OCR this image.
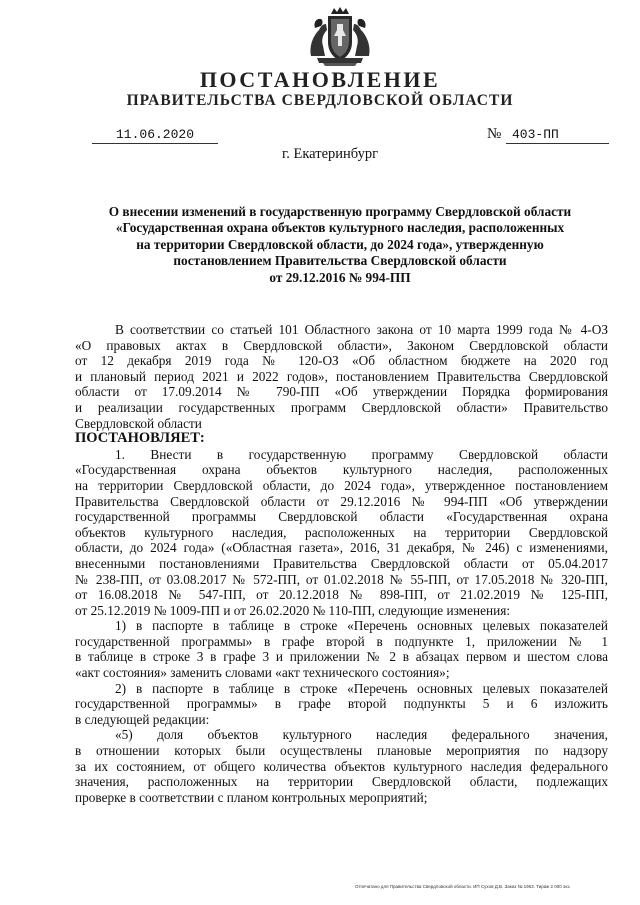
ПОСТАНОВЛЕНИЕ
ПРАВИТЕЛЬСТВА СВЕРДЛОВСКОЙ ОБЛАСТИ
11.06.2020	№ 403-ПП
г. Екатеринбург
О внесении изменений в государственную программу Свердловской области
«Государственная охрана объектов культурного наследия, расположенных
на территории Свердловской области, до 2024 года», утвержденную
постановлением Правительства Свердловской области
от 29.12.2016 № 994-ПП
В соответствии со статьей 101 Областного закона от 10 марта 1999 года № 4-ОЗ
«О правовых актах в Свердловской области», Законом Свердловской области
от 12 декабря 2019 года № 120-ОЗ «Об областном бюджете на 2020 год
и плановый период 2021 и 2022 годов», постановлением Правительства Свердловской
области от 17.09.2014 № 790-ПП «Об утверждении Порядка формирования
и реализации государственных программ Свердловской области» Правительство
Свердловской области
ПОСТАНОВЛЯЕТ:
1. Внести в государственную программу Свердловской области
«Государственная охрана объектов культурного наследия, расположенных
на территории Свердловской области, до 2024 года», утвержденное постановлением
Правительства Свердловской области от 29.12.2016 № 994-ПП «Об утверждении
государственной программы Свердловской области «Государственная охрана
объектов культурного наследия, расположенных на территории Свердловской
области, до 2024 года» («Областная газета», 2016, 31 декабря, № 246) с изменениями,
внесенными постановлениями Правительства Свердловской области от 05.04.2017
№ 238-ПП, от 03.08.2017 № 572-ПП, от 01.02.2018 № 55-ПП, от 17.05.2018 № 320-ПП,
от 16.08.2018 № 547-ПП, от 20.12.2018 № 898-ПП, от 21.02.2019 № 125-ПП,
от 25.12.2019 № 1009-ПП и от 26.02.2020 № 110-ПП, следующие изменения:
1) в паспорте в таблице в строке «Перечень основных целевых показателей
государственной программы» в графе второй в подпункте 1, приложении № 1
в таблице в строке 3 в графе 3 и приложении № 2 в абзацах первом и шестом слова
«акт состояния» заменить словами «акт технического состояния»;
2) в паспорте в таблице в строке «Перечень основных целевых показателей
государственной программы» в графе второй подпункты 5 и 6 изложить
в следующей редакции:
«5) доля объектов культурного наследия федерального значения,
в отношении которых были осуществлены плановые мероприятия по надзору
за их состоянием, от общего количества объектов культурного наследия федерального
значения, расположенных на территории Свердловской области, подлежащих
проверке в соответствии с планом контрольных мероприятий;
Отпечатано для Правительства Свердловской области. ИП Сухов Д.В. Заказ № 1963. Тираж 2 000 экз.
